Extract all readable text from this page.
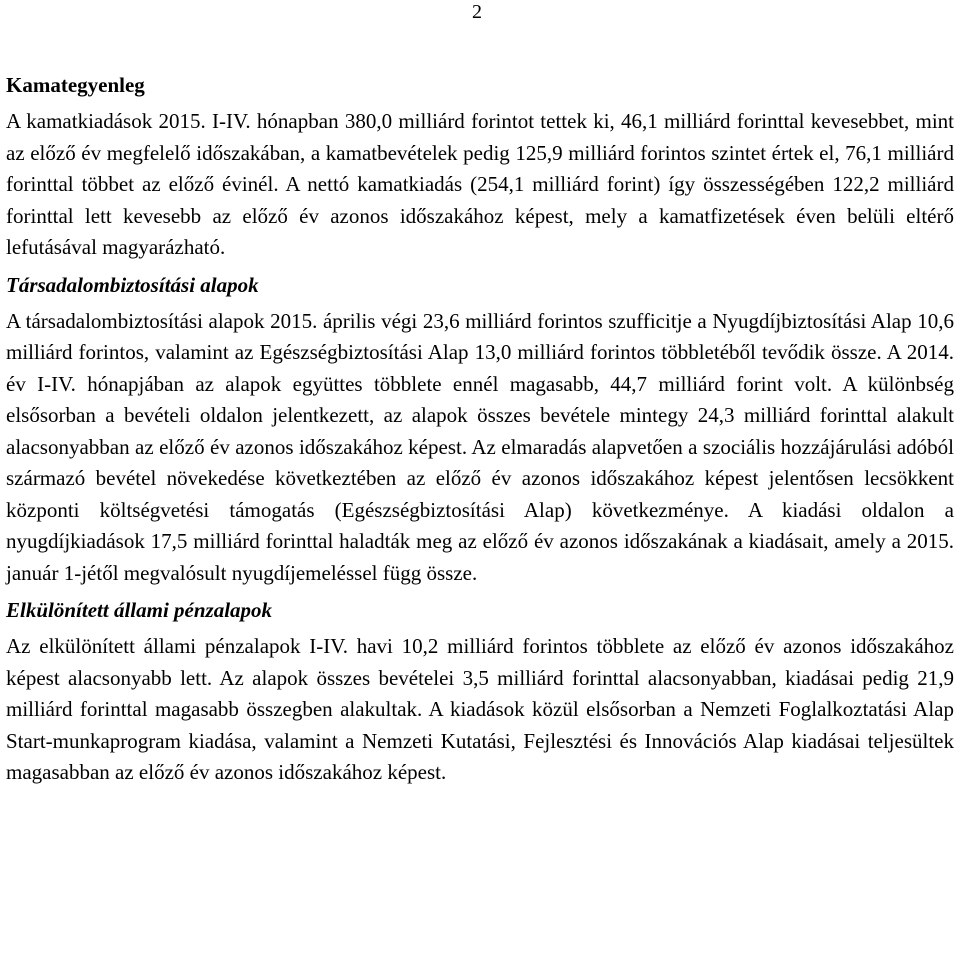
2
Kamategyenleg

A kamatkiadások 2015. I-IV. hónapban 380,0 milliárd forintot tettek ki, 46,1 milliárd forinttal kevesebbet, mint az előző év megfelelő időszakában, a kamatbevételek pedig 125,9 milliárd forintos szintet értek el, 76,1 milliárd forinttal többet az előző évinél. A nettó kamatkiadás (254,1 milliárd forint) így összességében 122,2 milliárd forinttal lett kevesebb az előző év azonos időszakához képest, mely a kamatfizetések éven belüli eltérő lefutásával magyarázható.

Társadalombiztosítási alapok

A társadalombiztosítási alapok 2015. április végi 23,6 milliárd forintos szufficitje a Nyugdíjbiztosítási Alap 10,6 milliárd forintos, valamint az Egészségbiztosítási Alap 13,0 milliárd forintos többletéből tevődik össze. A 2014. év I-IV. hónapjában az alapok együttes többlete ennél magasabb, 44,7 milliárd forint volt. A különbség elsősorban a bevételi oldalon jelentkezett, az alapok összes bevétele mintegy 24,3 milliárd forinttal alakult alacsonyabban az előző év azonos időszakához képest. Az elmaradás alapvetően a szociális hozzájárulási adóból származó bevétel növekedése következtében az előző év azonos időszakához képest jelentősen lecsökkent központi költségvetési támogatás (Egészségbiztosítási Alap) következménye. A kiadási oldalon a nyugdíjkiadások 17,5 milliárd forinttal haladták meg az előző év azonos időszakának a kiadásait, amely a 2015. január 1-jétől megvalósult nyugdíjemeléssel függ össze.

Elkülönített állami pénzalapok

Az elkülönített állami pénzalapok I-IV. havi 10,2 milliárd forintos többlete az előző év azonos időszakához képest alacsonyabb lett. Az alapok összes bevételei 3,5 milliárd forinttal alacsonyabban, kiadásai pedig 21,9 milliárd forinttal magasabb összegben alakultak. A kiadások közül elsősorban a Nemzeti Foglalkoztatási Alap Start-munkaprogram kiadása, valamint a Nemzeti Kutatási, Fejlesztési és Innovációs Alap kiadásai teljesültek magasabban az előző év azonos időszakához képest.
